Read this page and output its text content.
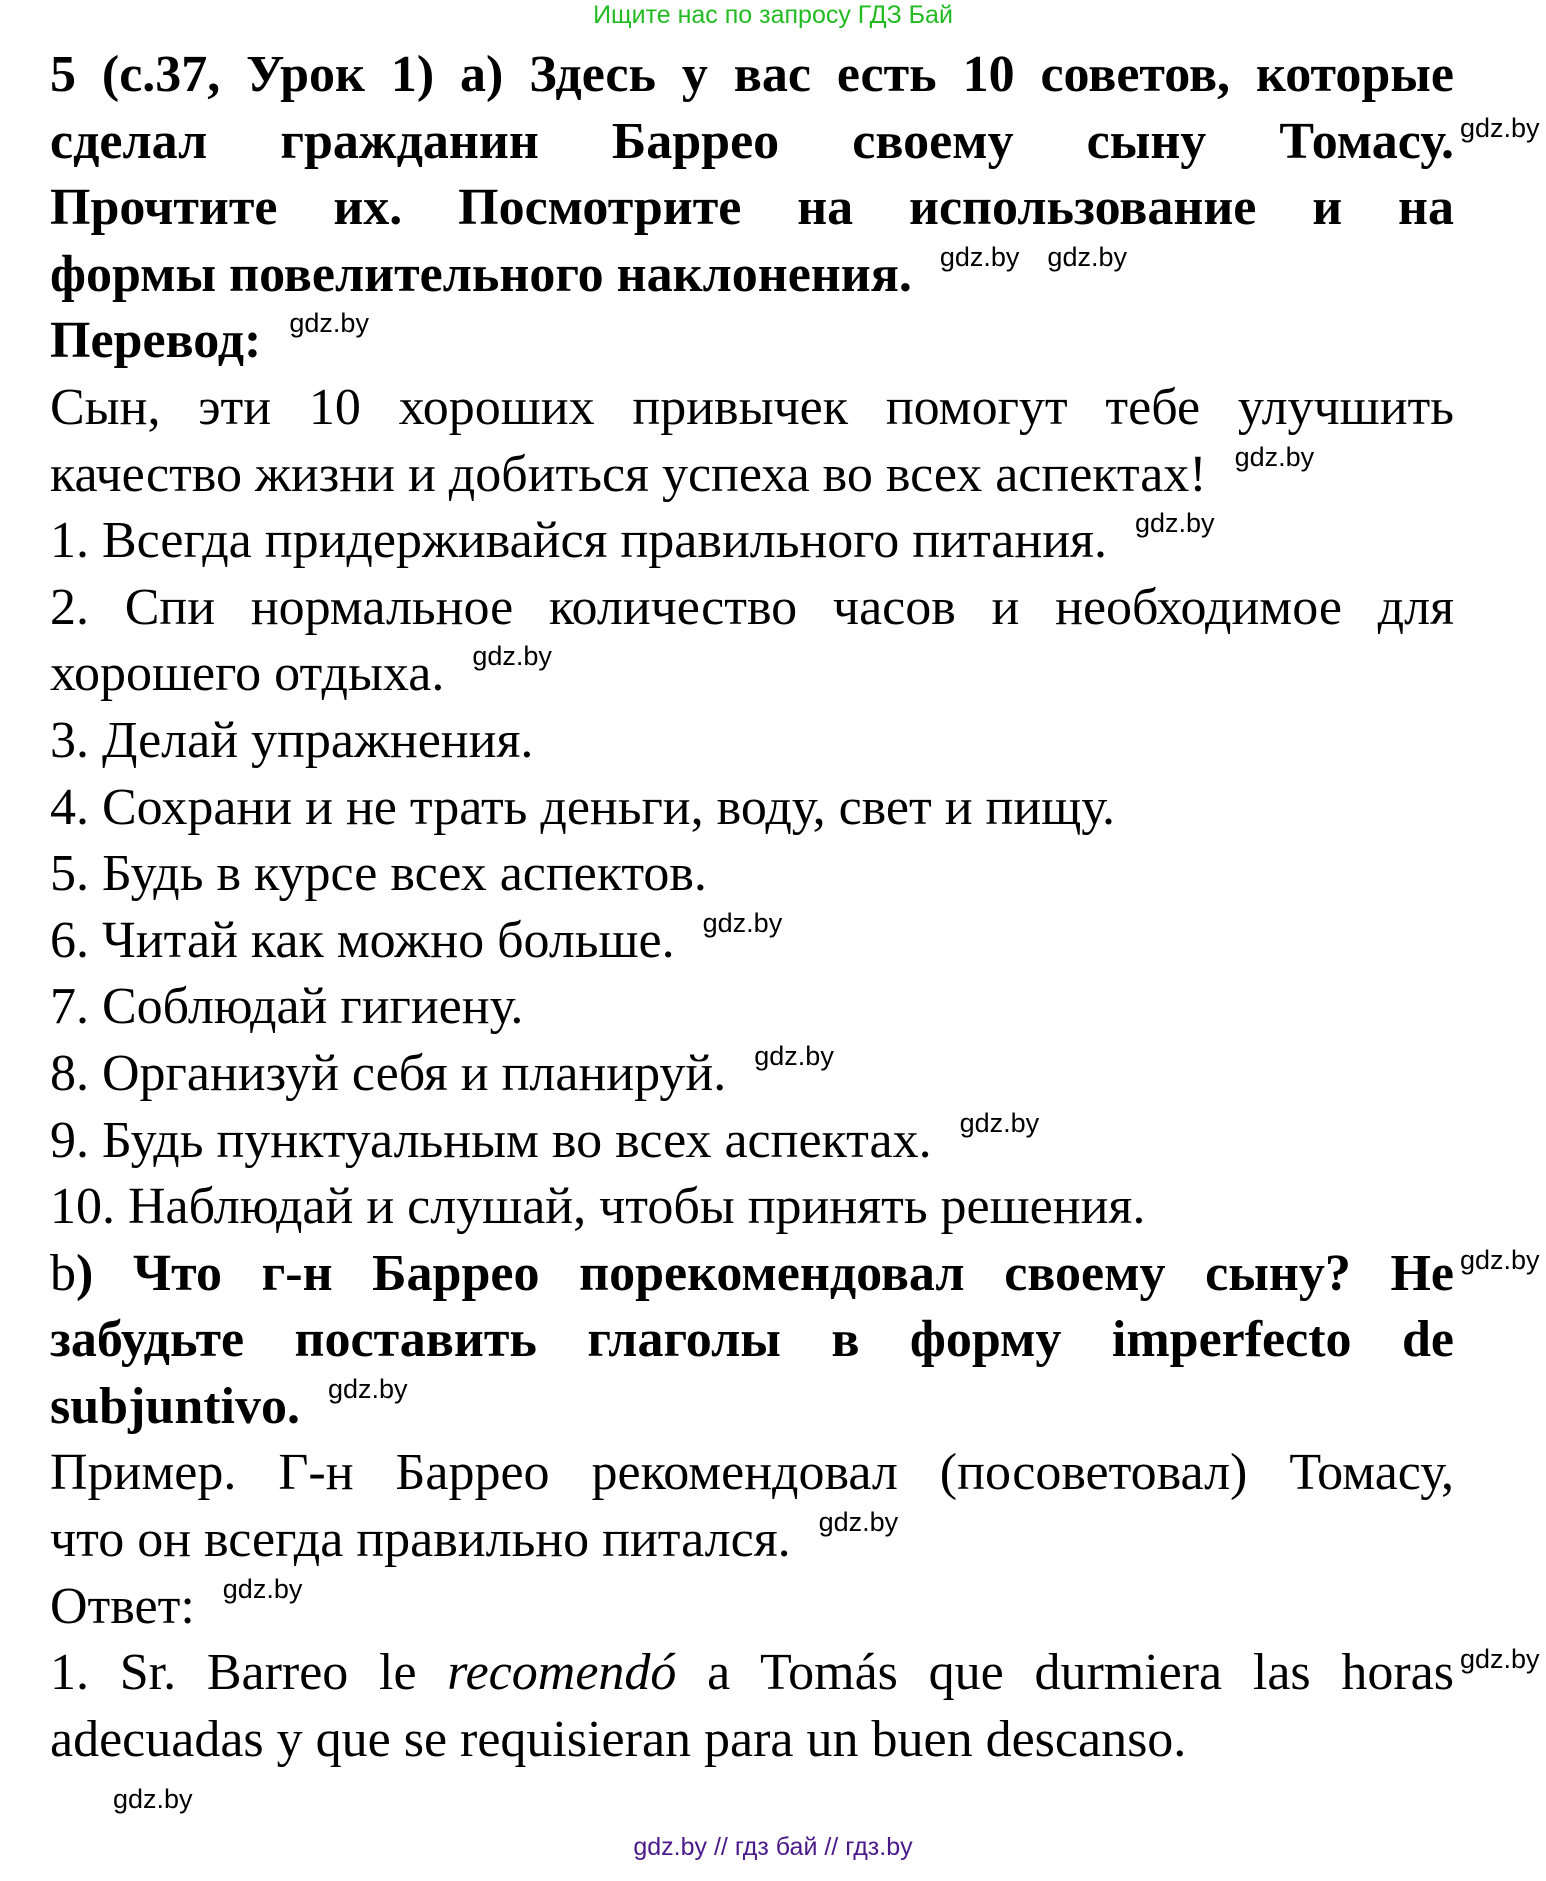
Ищите нас по запросу ГДЗ Бай
5 (с.37, Урок 1) a) Здесь у вас есть 10 советов, которые
сделал гражданин Баррео своему сыну Томасу. gdz.by
Прочтите их. Посмотрите на использование и на
формы повелительного наклонения. $^{gdz.by}$ $^{gdz.by}$
Перевод: $^{gdz.by}$
Сын, эти 10 хороших привычек помогут тебе улучшить
качество жизни и добиться успеха во всех аспектах! $^{gdz.by}$
1. Всегда придерживайся правильного питания. $^{gdz.by}$
2. Спи нормальное количество часов и необходимое для
хорошего отдыха. $^{gdz.by}$
3. Делай упражнения.
4. Сохрани и не трать деньги, воду, свет и пищу.
5. Будь в курсе всех аспектов.
6. Читай как можно больше. $^{gdz.by}$
7. Соблюдай гигиену.
8. Организуй себя и планируй. $^{gdz.by}$
9. Будь пунктуальным во всех аспектах. $^{gdz.by}$
10. Наблюдай и слушай, чтобы принять решения.
b) Что г-н Баррео порекомендовал своему сыну? Не gdz.by
забудьте поставить глаголы в форму imperfecto de
subjuntivo. $^{gdz.by}$
Пример. Г-н Баррео рекомендовал (посоветовал) Томасу,
что он всегда правильно питался. $^{gdz.by}$
Ответ: $^{gdz.by}$
1. Sr. Barreo le recomendó a Tomás que durmiera las horas gdz.by
adecuadas y que se requisieran para un buen descanso.
gdz.by
gdz.by // гдз бай // гдз.by
